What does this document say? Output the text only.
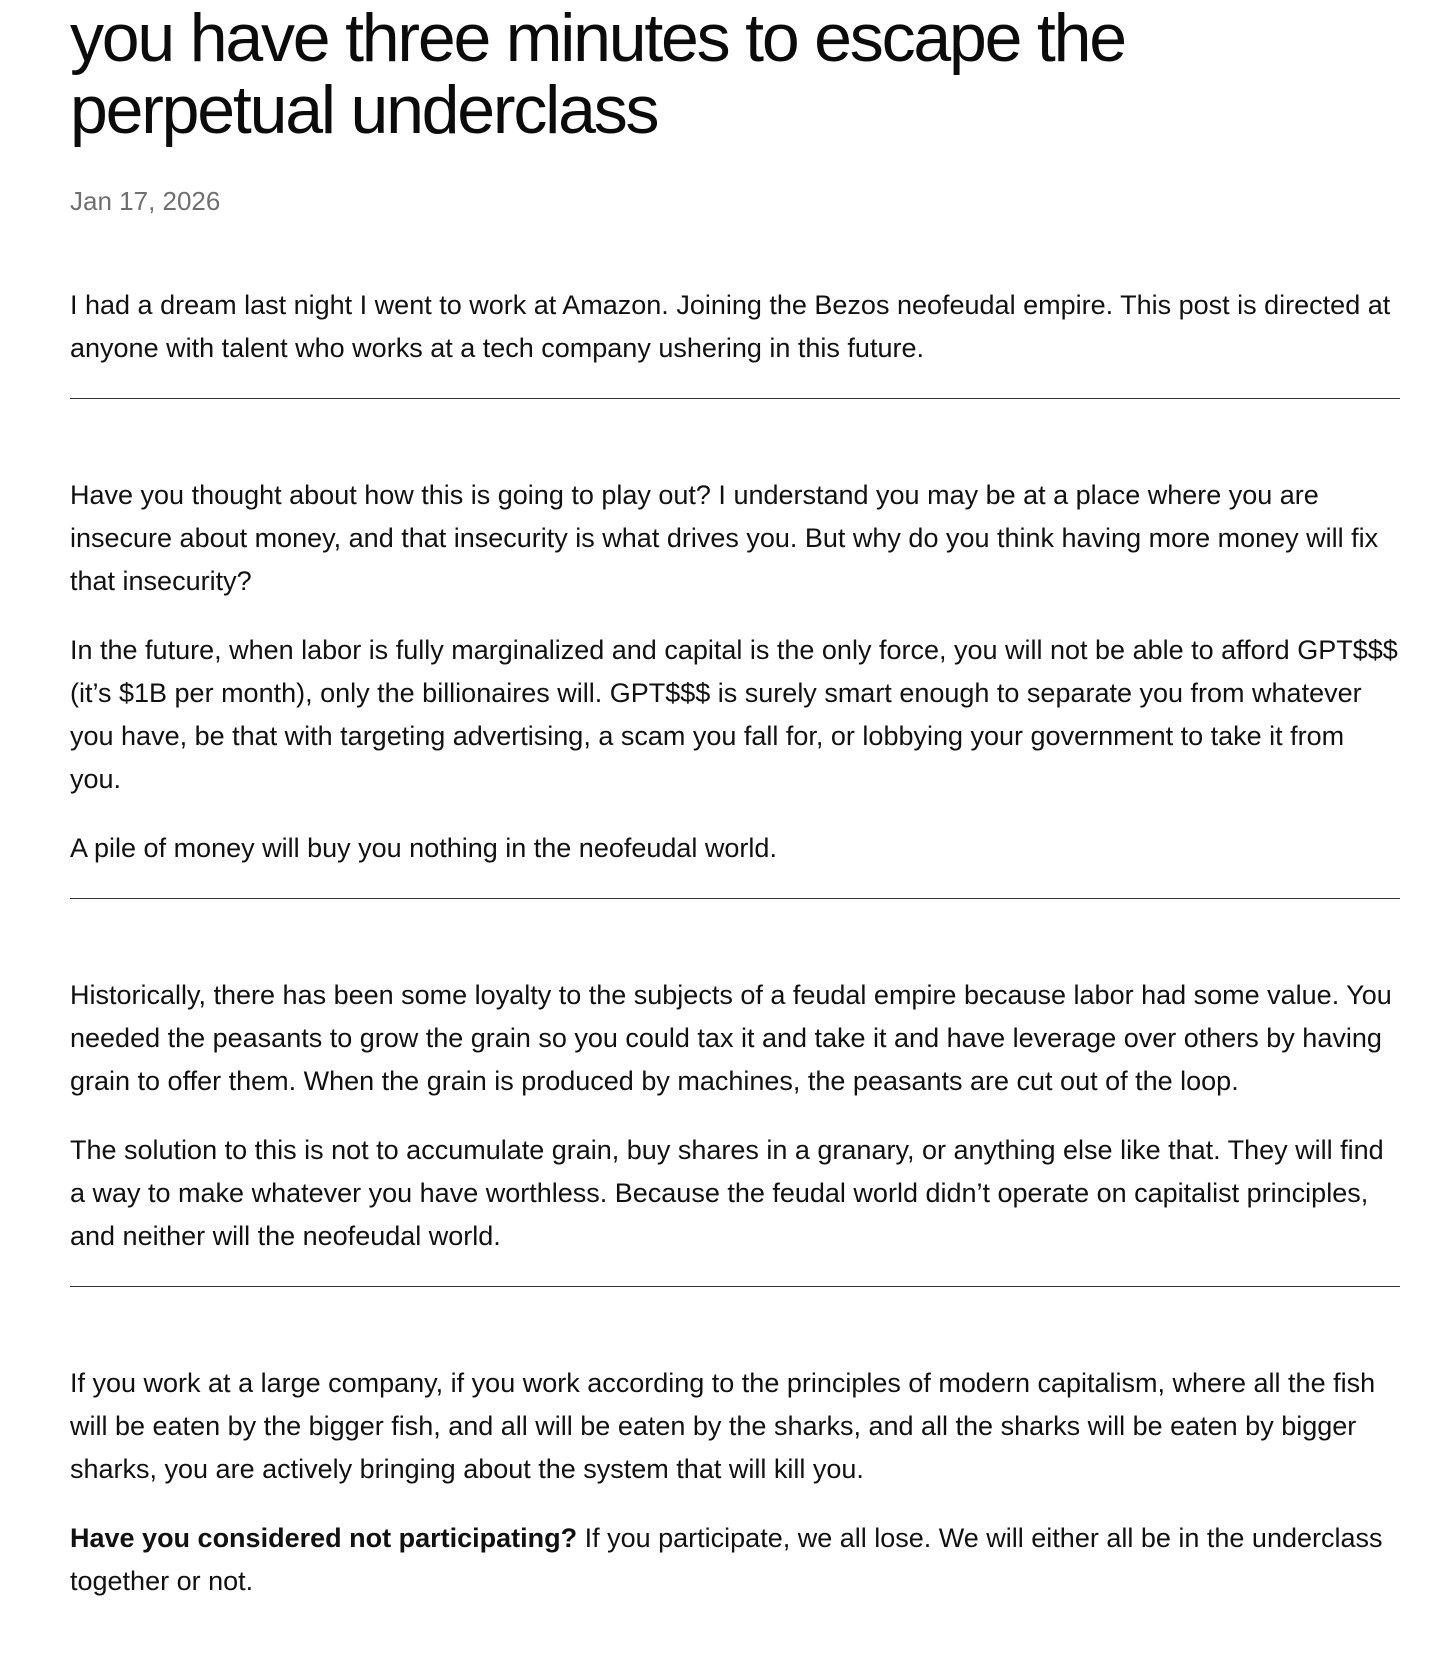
you have three minutes to escape the perpetual underclass
Jan 17, 2026

I had a dream last night I went to work at Amazon. Joining the Bezos neofeudal empire. This post is directed at anyone with talent who works at a tech company ushering in this future.

Have you thought about how this is going to play out? I understand you may be at a place where you are insecure about money, and that insecurity is what drives you. But why do you think having more money will fix that insecurity?

In the future, when labor is fully marginalized and capital is the only force, you will not be able to afford GPT$$$ (it’s $1B per month), only the billionaires will. GPT$$$ is surely smart enough to separate you from whatever you have, be that with targeting advertising, a scam you fall for, or lobbying your government to take it from you.

A pile of money will buy you nothing in the neofeudal world.

Historically, there has been some loyalty to the subjects of a feudal empire because labor had some value. You needed the peasants to grow the grain so you could tax it and take it and have leverage over others by having grain to offer them. When the grain is produced by machines, the peasants are cut out of the loop.

The solution to this is not to accumulate grain, buy shares in a granary, or anything else like that. They will find a way to make whatever you have worthless. Because the feudal world didn’t operate on capitalist principles, and neither will the neofeudal world.

If you work at a large company, if you work according to the principles of modern capitalism, where all the fish will be eaten by the bigger fish, and all will be eaten by the sharks, and all the sharks will be eaten by bigger sharks, you are actively bringing about the system that will kill you.

Have you considered not participating? If you participate, we all lose. We will either all be in the underclass together or not.
